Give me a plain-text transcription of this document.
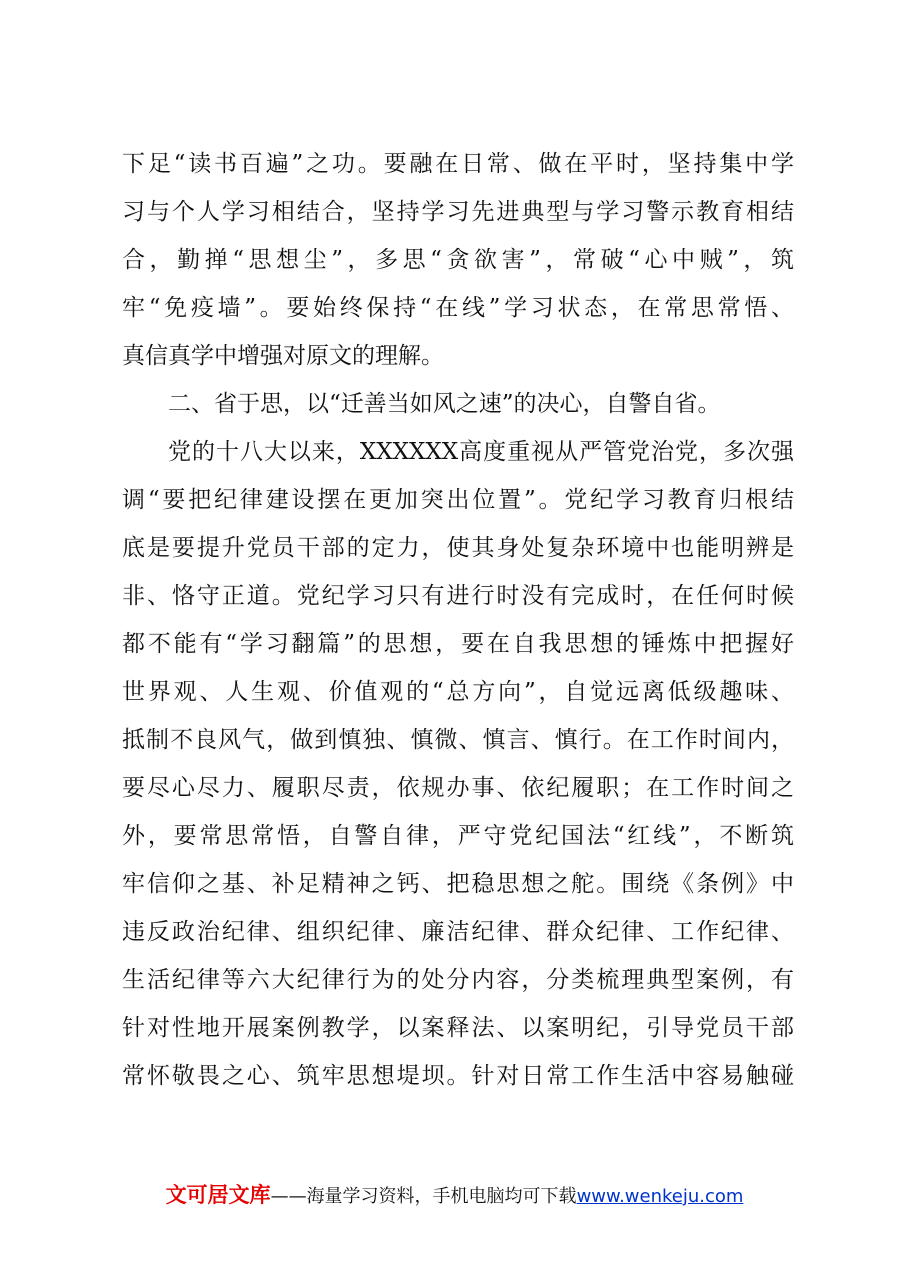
下足“读书百遍”之功。要融在日常、做在平时，坚持集中学
习与个人学习相结合，坚持学习先进典型与学习警示教育相结
合，勤掸“思想尘”，多思“贪欲害”，常破“心中贼”，筑
牢“免疫墙”。要始终保持“在线”学习状态，在常思常悟、
真信真学中增强对原文的理解。
二、省于思，以“迁善当如风之速”的决心，自警自省。
党的十八大以来，XXXXXX高度重视从严管党治党，多次强
调“要把纪律建设摆在更加突出位置”。党纪学习教育归根结
底是要提升党员干部的定力，使其身处复杂环境中也能明辨是
非、恪守正道。党纪学习只有进行时没有完成时，在任何时候
都不能有“学习翻篇”的思想，要在自我思想的锤炼中把握好
世界观、人生观、价值观的“总方向”，自觉远离低级趣味、
抵制不良风气，做到慎独、慎微、慎言、慎行。在工作时间内，
要尽心尽力、履职尽责，依规办事、依纪履职；在工作时间之
外，要常思常悟，自警自律，严守党纪国法“红线”，不断筑
牢信仰之基、补足精神之钙、把稳思想之舵。围绕《条例》中
违反政治纪律、组织纪律、廉洁纪律、群众纪律、工作纪律、
生活纪律等六大纪律行为的处分内容，分类梳理典型案例，有
针对性地开展案例教学，以案释法、以案明纪，引导党员干部
常怀敬畏之心、筑牢思想堤坝。针对日常工作生活中容易触碰
文可居文库——海量学习资料，手机电脑均可下载www.wenkeju.com
